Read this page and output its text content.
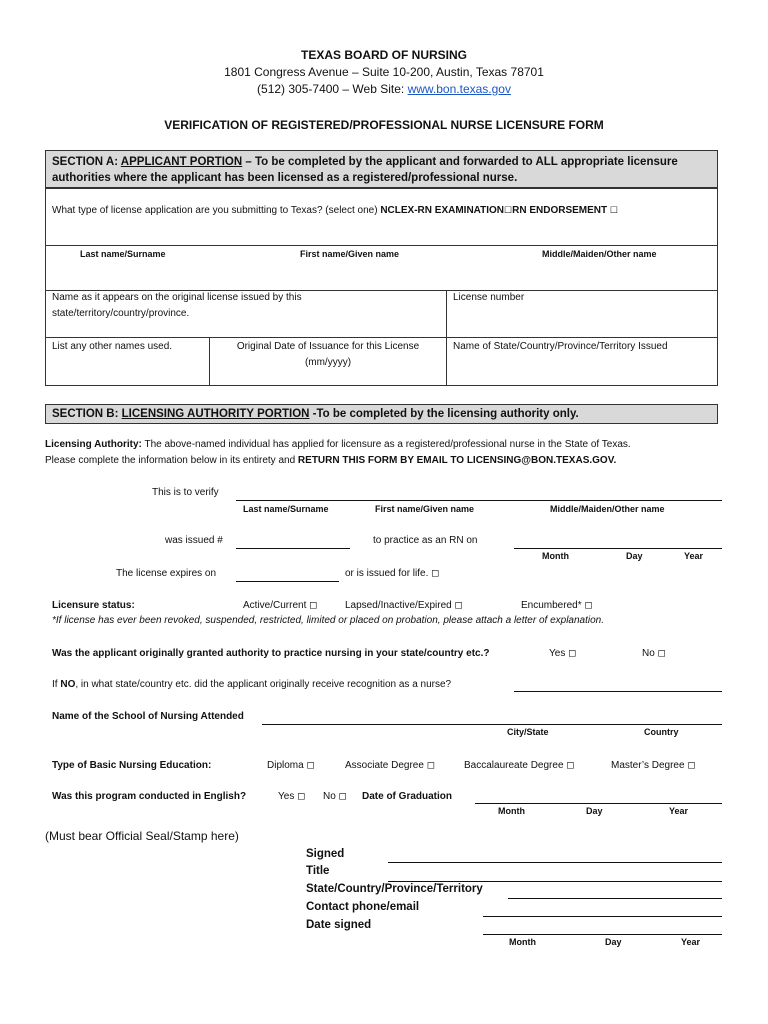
TEXAS BOARD OF NURSING
1801 Congress Avenue – Suite 10-200, Austin, Texas 78701
(512) 305-7400 – Web Site: www.bon.texas.gov
VERIFICATION OF REGISTERED/PROFESSIONAL NURSE LICENSURE FORM
SECTION A: APPLICANT PORTION – To be completed by the applicant and forwarded to ALL appropriate licensure
authorities where the applicant has been licensed as a registered/professional nurse.
What type of license application are you submitting to Texas? (select one) NCLEX-RN EXAMINATION☐RN ENDORSEMENT ☐
Last name/Surname	First name/Given name	Middle/Maiden/Other name
Name as it appears on the original license issued by this
state/territory/country/province.
License number
List any other names used.	Original Date of Issuance for this License
(mm/yyyy)
Name of State/Country/Province/Territory Issued
SECTION B: LICENSING AUTHORITY PORTION -To be completed by the licensing authority only.
Licensing Authority: The above-named individual has applied for licensure as a registered/professional nurse in the State of Texas.
Please complete the information below in its entirety and RETURN THIS FORM BY EMAIL TO LICENSING@BON.TEXAS.GOV.
This is to verify
Last name/Surname	First name/Given name	Middle/Maiden/Other name
was issued #	to practice as an RN on
Month	Day	Year
The license expires on	or is issued for life. ◻
Licensure status:	Active/Current ◻	Lapsed/Inactive/Expired ◻	Encumbered* ◻
*If license has ever been revoked, suspended, restricted, limited or placed on probation, please attach a letter of explanation.
Was the applicant originally granted authority to practice nursing in your state/country etc.?	Yes ◻	No ◻
If NO, in what state/country etc. did the applicant originally receive recognition as a nurse?
Name of the School of Nursing Attended
City/State	Country
Type of Basic Nursing Education:	Diploma ◻	Associate Degree ◻	Baccalaureate Degree ◻	Master’s Degree ◻
Was this program conducted in English?	Yes ◻ No ◻ Date of Graduation
Month	Day	Year
(Must bear Official Seal/Stamp here)
Signed
Title
State/Country/Province/Territory
Contact phone/email
Date signed
Month	Day	Year
